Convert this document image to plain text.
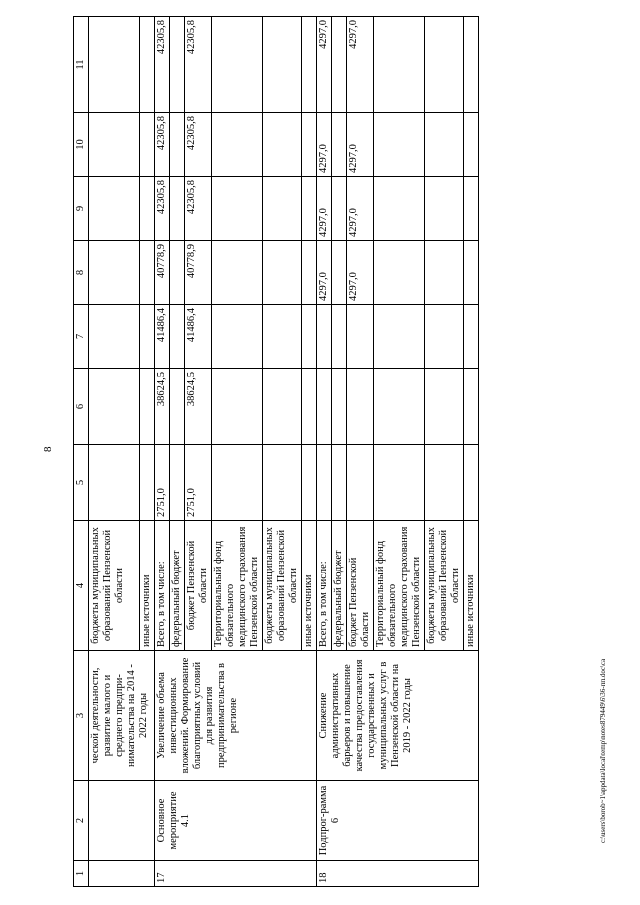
8
c:\users\borob~1\appdata\local\temp\notes879449\6\36-пп.doc\ca
1	2	3	4	5	6	7	8	9	10	11
		ческой деятельности, развитие малого и среднего предпри-нимательства на 2014 - 2022 годы	бюджеты муниципальных образований Пензенской области							
			иные источники							
17	Основное мероприятие 4.1	Увеличение объема инвестиционных вложений. Формирование благоприятных условий для развития предпринимательства в регионе	Всего, в том числе:	2751,0	38624,5	41486,4	40778,9	42305,8	42305,8	42305,8
			федеральный бюджет							
			бюджет Пензенской области	2751,0	38624,5	41486,4	40778,9	42305,8	42305,8	42305,8
			Территориальный фонд обязательного медицинского страхования Пензенской области							
			бюджеты муниципальных образований Пензенской области							
			иные источники							
18	Подпрог-рамма 6	Снижение административных барьеров и повышение качества предоставления государственных и муниципальных услуг в Пензенской области на 2019 - 2022 годы	Всего, в том числе:				4297,0	4297,0	4297,0	4297,0
			федеральный бюджет							
			бюджет Пензенской области				4297,0	4297,0	4297,0	4297,0
			Территориальный фонд обязательного медицинского страхования Пензенской области							
			бюджеты муниципальных образований Пензенской области							
			иные источники							
